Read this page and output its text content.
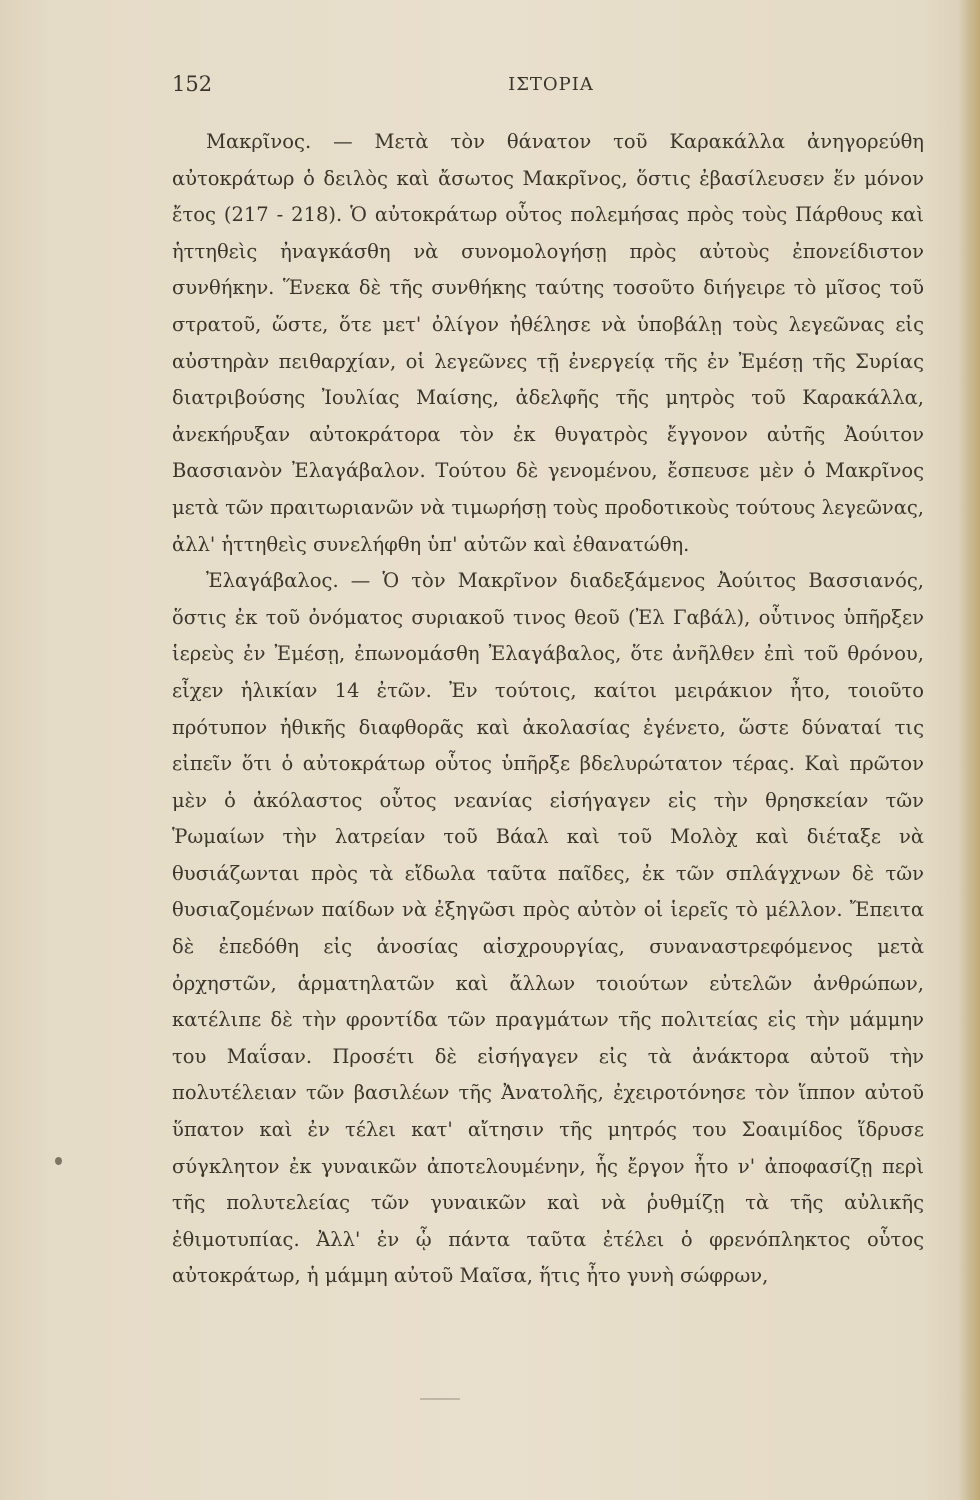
152	ΙΣΤΟΡΙΑ

Μακρῖνος. — Μετὰ τὸν θάνατον τοῦ Καρακάλλα ἀνηγορεύθη αὐτοκράτωρ ὁ δειλὸς καὶ ἄσωτος Μακρῖνος, ὅστις ἐβασίλευσεν ἕν μόνον ἔτος (217 - 218). Ὁ αὐτοκράτωρ οὗτος πολεμήσας πρὸς τοὺς Πάρθους καὶ ἡττηθεὶς ἠναγκάσθη νὰ συνομολογήσῃ πρὸς αὐτοὺς ἐπονείδιστον συνθήκην. Ἕνεκα δὲ τῆς συνθήκης ταύτης τοσοῦτο διήγειρε τὸ μῖσος τοῦ στρατοῦ, ὥστε, ὅτε μετ' ὀλίγον ἠθέλησε νὰ ὑποβάλῃ τοὺς λεγεῶνας εἰς αὐστηρὰν πειθαρχίαν, οἱ λεγεῶνες τῇ ἐνεργείᾳ τῆς ἐν Ἐμέσῃ τῆς Συρίας διατριβούσης Ἰουλίας Μαίσης, ἀδελφῆς τῆς μητρὸς τοῦ Καρακάλλα, ἀνεκήρυξαν αὐτοκράτορα τὸν ἐκ θυγατρὸς ἔγγονον αὐτῆς Ἀούιτον Βασσιανὸν Ἐλαγάβαλον. Τούτου δὲ γενομένου, ἔσπευσε μὲν ὁ Μακρῖνος μετὰ τῶν πραιτωριανῶν νὰ τιμωρήσῃ τοὺς προδοτικοὺς τούτους λεγεῶνας, ἀλλ' ἡττηθεὶς συνελήφθη ὑπ' αὐτῶν καὶ ἐθανατώθη.

Ἐλαγάβαλος. — Ὁ τὸν Μακρῖνον διαδεξάμενος Ἀούιτος Βασσιανός, ὅστις ἐκ τοῦ ὀνόματος συριακοῦ τινος θεοῦ (Ἐλ Γαβάλ), οὗτινος ὑπῆρξεν ἱερεὺς ἐν Ἐμέσῃ, ἐπωνομάσθη Ἐλαγάβαλος, ὅτε ἀνῆλθεν ἐπὶ τοῦ θρόνου, εἶχεν ἡλικίαν 14 ἐτῶν. Ἐν τούτοις, καίτοι μειράκιον ἦτο, τοιοῦτο πρότυπον ἠθικῆς διαφθορᾶς καὶ ἀκολασίας ἐγένετο, ὥστε δύναταί τις εἰπεῖν ὅτι ὁ αὐτοκράτωρ οὗτος ὑπῆρξε βδελυρώτατον τέρας. Καὶ πρῶτον μὲν ὁ ἀκόλαστος οὗτος νεανίας εἰσήγαγεν εἰς τὴν θρησκείαν τῶν Ῥωμαίων τὴν λατρείαν τοῦ Βάαλ καὶ τοῦ Μολὸχ καὶ διέταξε νὰ θυσιάζωνται πρὸς τὰ εἴδωλα ταῦτα παῖδες, ἐκ τῶν σπλάγχνων δὲ τῶν θυσιαζομένων παίδων νὰ ἐξηγῶσι πρὸς αὐτὸν οἱ ἱερεῖς τὸ μέλλον. Ἔπειτα δὲ ἐπεδόθη εἰς ἀνοσίας αἰσχρουργίας, συναναστρεφόμενος μετὰ ὀρχηστῶν, ἁρματηλατῶν καὶ ἄλλων τοιούτων εὐτελῶν ἀνθρώπων, κατέλιπε δὲ τὴν φροντίδα τῶν πραγμάτων τῆς πολιτείας εἰς τὴν μάμμην του Μαΐσαν. Προσέτι δὲ εἰσήγαγεν εἰς τὰ ἀνάκτορα αὐτοῦ τὴν πολυτέλειαν τῶν βασιλέων τῆς Ἀνατολῆς, ἐχειροτόνησε τὸν ἵππον αὐτοῦ ὕπατον καὶ ἐν τέλει κατ' αἴτησιν τῆς μητρός του Σοαιμίδος ἵδρυσε σύγκλητον ἐκ γυναικῶν ἀποτελουμένην, ἧς ἔργον ἦτο ν' ἀποφασίζῃ περὶ τῆς πολυτελείας τῶν γυναικῶν καὶ νὰ ῥυθμίζῃ τὰ τῆς αὐλικῆς ἐθιμοτυπίας. Ἀλλ' ἐν ᾧ πάντα ταῦτα ἐτέλει ὁ φρενόπληκτος οὗτος αὐτοκράτωρ, ἡ μάμμη αὐτοῦ Μαῖσα, ἥτις ἦτο γυνὴ σώφρων,
